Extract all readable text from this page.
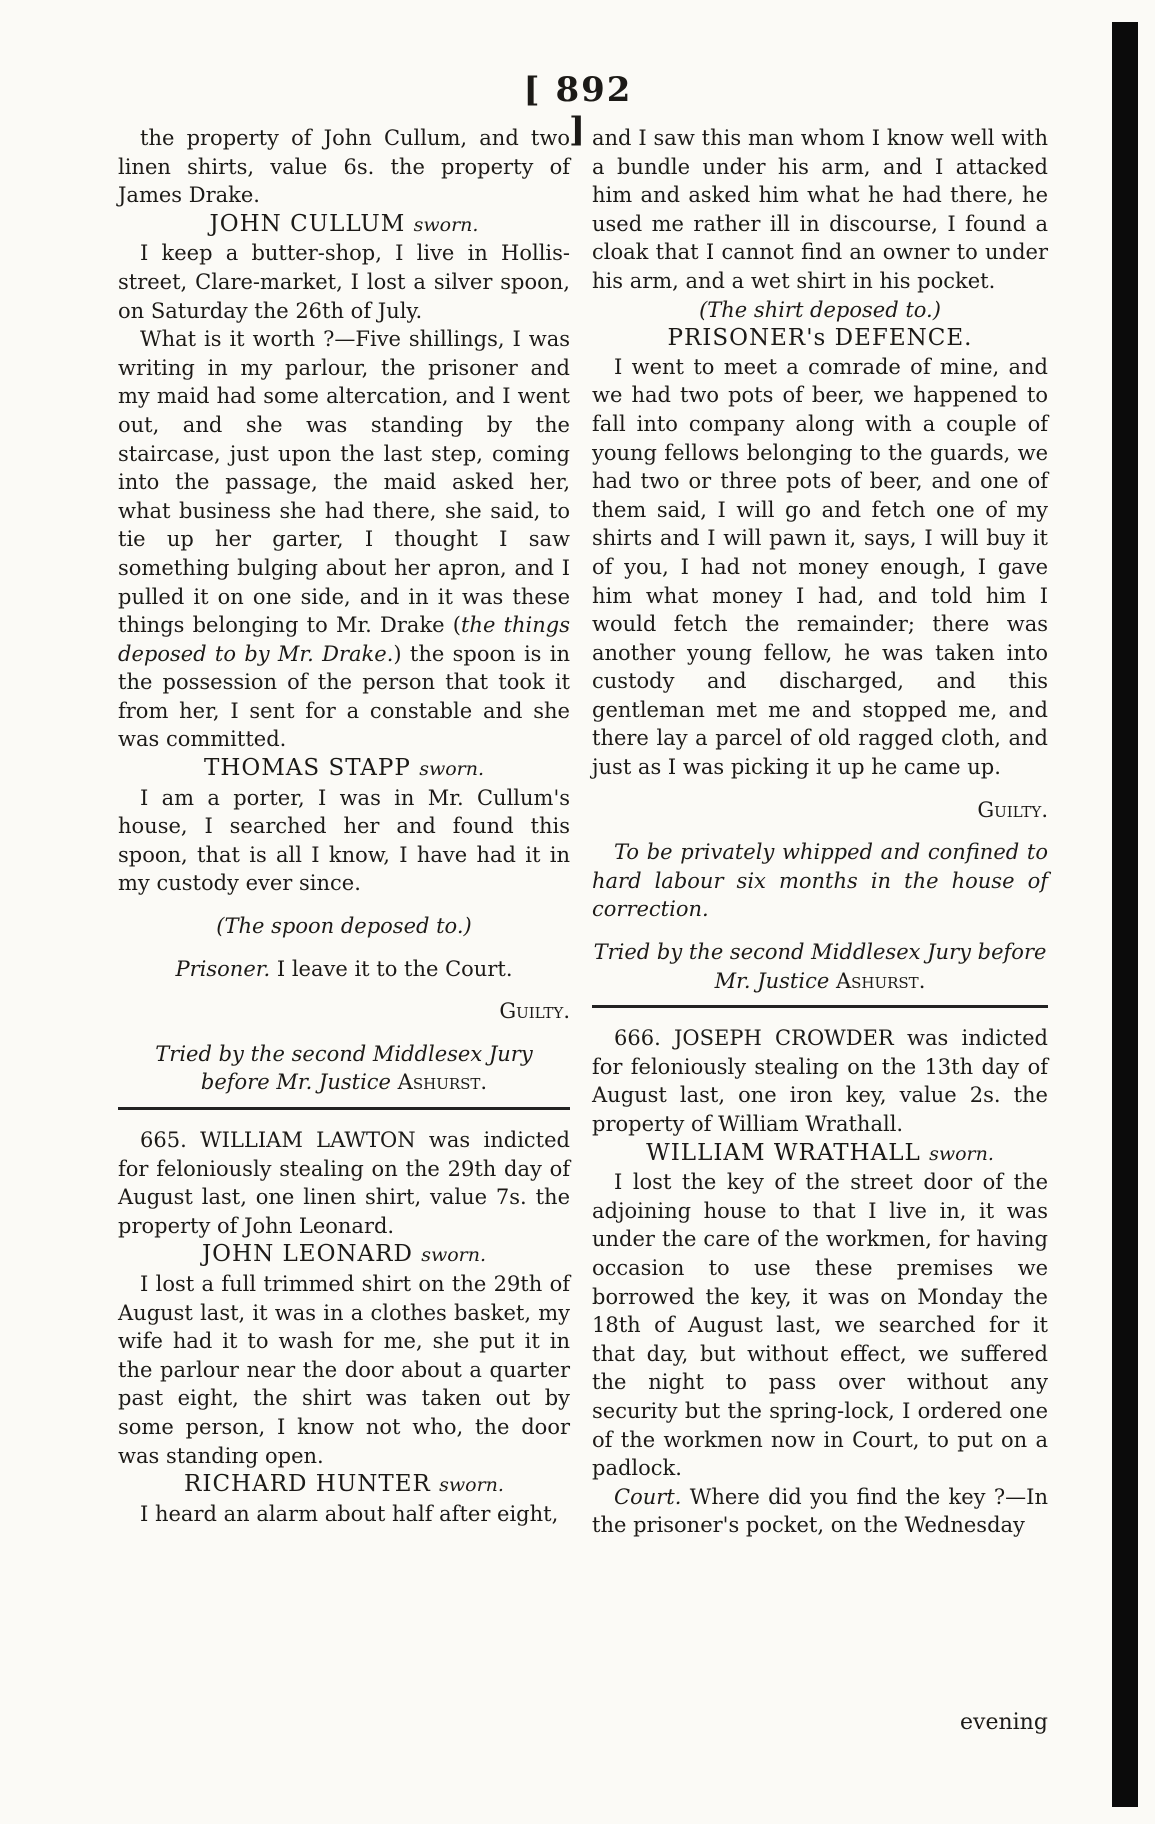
[ 892 ]

the property of John Cullum, and two linen shirts, value 6s. the property of James Drake.

JOHN CULLUM sworn.

I keep a butter-shop, I live in Hollis-street, Clare-market, I lost a silver spoon, on Saturday the 26th of July.

What is it worth ?—Five shillings, I was writing in my parlour, the prisoner and my maid had some altercation, and I went out, and she was standing by the staircase, just upon the last step, coming into the passage, the maid asked her, what business she had there, she said, to tie up her garter, I thought I saw something bulging about her apron, and I pulled it on one side, and in it was these things belonging to Mr. Drake (the things deposed to by Mr. Drake.) the spoon is in the possession of the person that took it from her, I sent for a constable and she was committed.

THOMAS STAPP sworn.

I am a porter, I was in Mr. Cullum's house, I searched her and found this spoon, that is all I know, I have had it in my custody ever since.

(The spoon deposed to.)

Prisoner. I leave it to the Court.

Guilty.

Tried by the second Middlesex Jury before Mr. Justice Ashurst.

665. WILLIAM LAWTON was indicted for feloniously stealing on the 29th day of August last, one linen shirt, value 7s. the property of John Leonard.

JOHN LEONARD sworn.

I lost a full trimmed shirt on the 29th of August last, it was in a clothes basket, my wife had it to wash for me, she put it in the parlour near the door about a quarter past eight, the shirt was taken out by some person, I know not who, the door was standing open.

RICHARD HUNTER sworn.

I heard an alarm about half after eight,

and I saw this man whom I know well with a bundle under his arm, and I attacked him and asked him what he had there, he used me rather ill in discourse, I found a cloak that I cannot find an owner to under his arm, and a wet shirt in his pocket.

(The shirt deposed to.)

PRISONER's DEFENCE.

I went to meet a comrade of mine, and we had two pots of beer, we happened to fall into company along with a couple of young fellows belonging to the guards, we had two or three pots of beer, and one of them said, I will go and fetch one of my shirts and I will pawn it, says, I will buy it of you, I had not money enough, I gave him what money I had, and told him I would fetch the remainder; there was another young fellow, he was taken into custody and discharged, and this gentleman met me and stopped me, and there lay a parcel of old ragged cloth, and just as I was picking it up he came up.

Guilty.

To be privately whipped and confined to hard labour six months in the house of correction.

Tried by the second Middlesex Jury before Mr. Justice Ashurst.

666. JOSEPH CROWDER was indicted for feloniously stealing on the 13th day of August last, one iron key, value 2s. the property of William Wrathall.

WILLIAM WRATHALL sworn.

I lost the key of the street door of the adjoining house to that I live in, it was under the care of the workmen, for having occasion to use these premises we borrowed the key, it was on Monday the 18th of August last, we searched for it that day, but without effect, we suffered the night to pass over without any security but the spring-lock, I ordered one of the workmen now in Court, to put on a padlock.

Court. Where did you find the key ?—In the prisoner's pocket, on the Wednesday

evening
